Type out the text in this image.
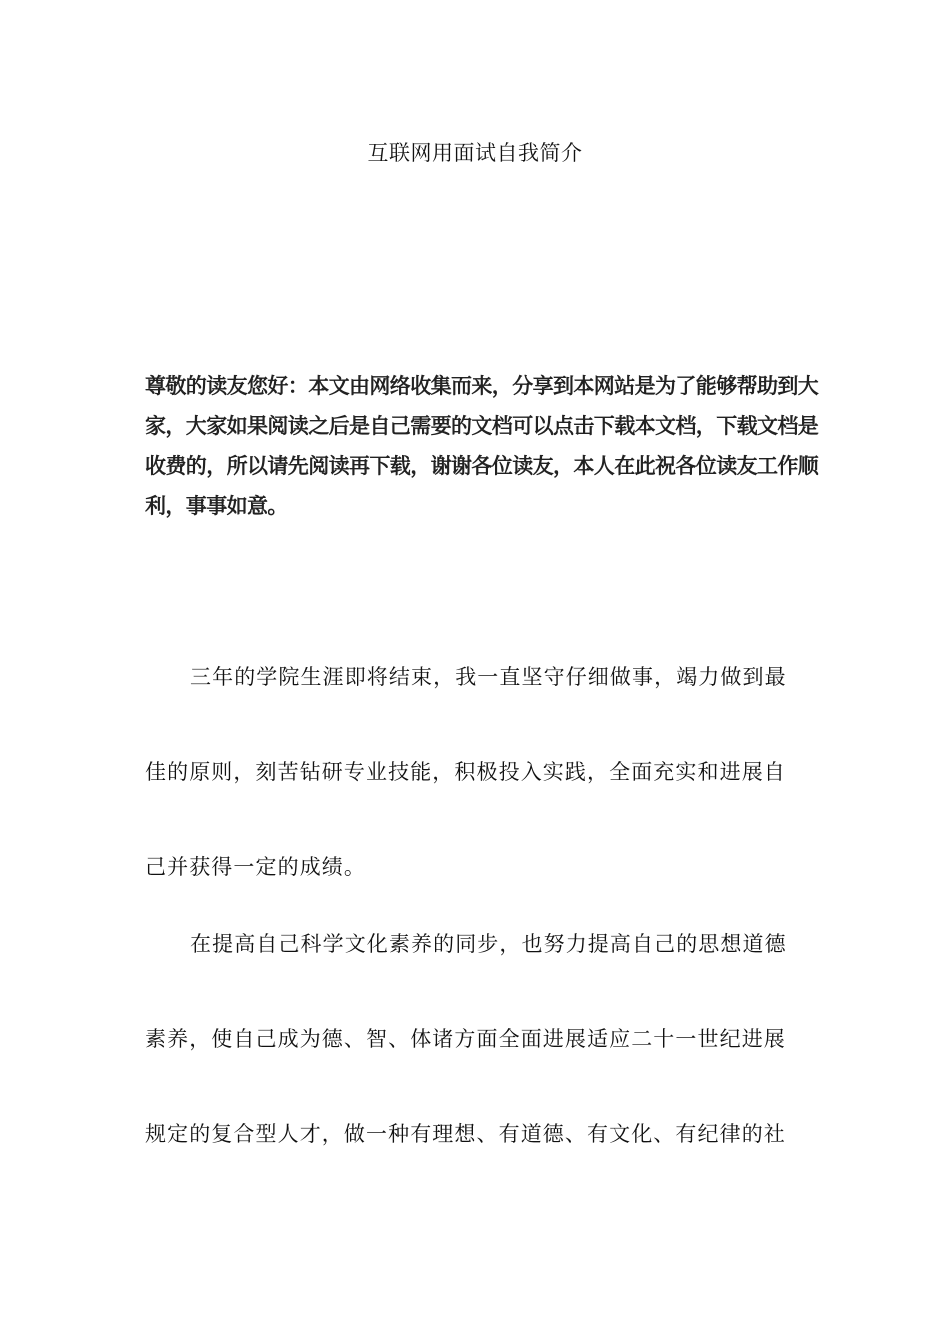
互联网用面试自我简介
尊敬的读友您好：本文由网络收集而来，分享到本网站是为了能够帮助到大
家，大家如果阅读之后是自己需要的文档可以点击下载本文档，下载文档是
收费的，所以请先阅读再下载，谢谢各位读友，本人在此祝各位读友工作顺
利，事事如意。
三年的学院生涯即将结束，我一直坚守仔细做事，竭力做到最
佳的原则，刻苦钻研专业技能，积极投入实践，全面充实和进展自
己并获得一定的成绩。
在提高自己科学文化素养的同步，也努力提高自己的思想道德
素养，使自己成为德、智、体诸方面全面进展适应二十一世纪进展
规定的复合型人才，做一种有理想、有道德、有文化、有纪律的社
